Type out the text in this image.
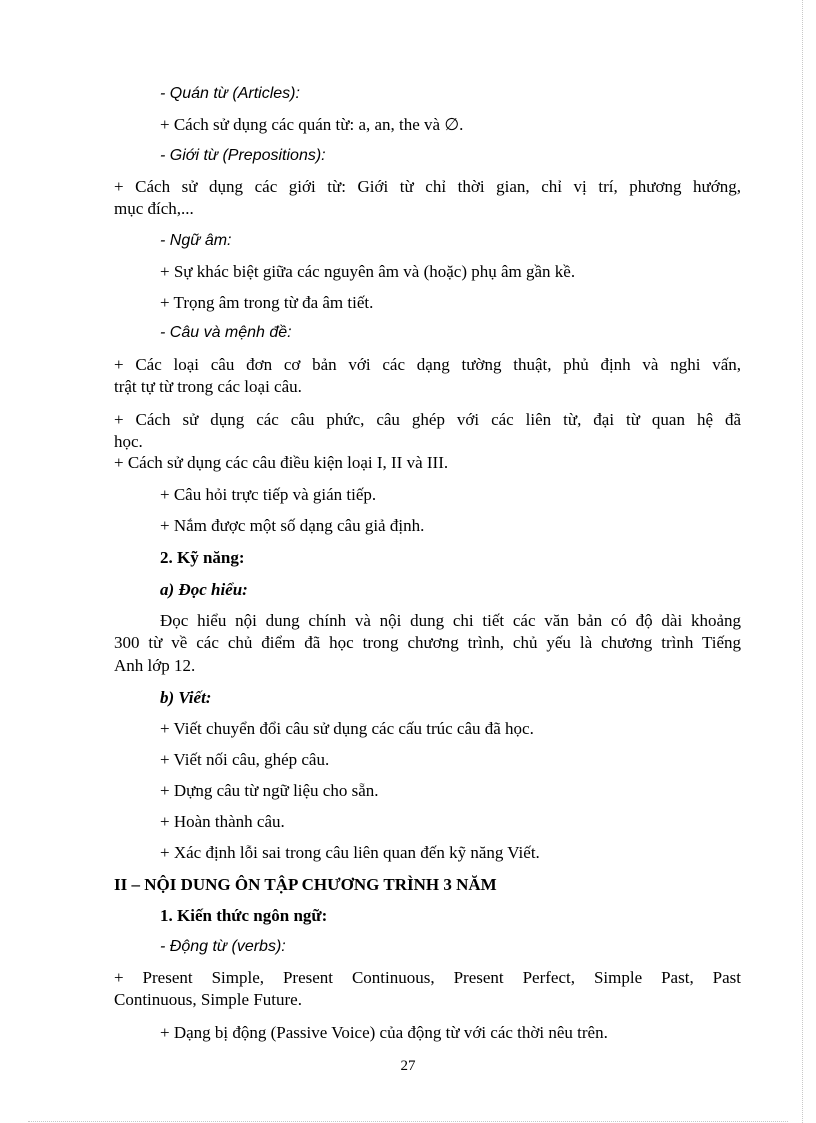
- Quán từ (Articles):
+ Cách sử dụng các quán từ: a, an, the và ∅.
- Giới từ (Prepositions):
+ Cách sử dụng các giới từ: Giới từ chỉ thời gian, chỉ vị trí, phương hướng,
mục đích,...
- Ngữ âm:
+ Sự khác biệt giữa các nguyên âm và (hoặc) phụ âm gần kề.
+ Trọng âm trong từ đa âm tiết.
- Câu và mệnh đề:
+ Các loại câu đơn cơ bản với các dạng tường thuật, phủ định và nghi vấn,
trật tự từ trong các loại câu.
+ Cách sử dụng các câu phức, câu ghép với các liên từ, đại từ quan hệ đã
học.
+ Cách sử dụng các câu điều kiện loại I, II và III.
+ Câu hỏi trực tiếp và gián tiếp.
+ Nắm được một số dạng câu giả định.
2. Kỹ năng:
a) Đọc hiểu:
Đọc hiểu nội dung chính và nội dung chi tiết các văn bản có độ dài khoảng
300 từ về các chủ điểm đã học trong chương trình, chủ yếu là chương trình Tiếng
Anh lớp 12.
b) Viết:
+ Viết chuyển đổi câu sử dụng các cấu trúc câu đã học.
+ Viết nối câu, ghép câu.
+ Dựng câu từ ngữ liệu cho sẵn.
+ Hoàn thành câu.
+ Xác định lỗi sai trong câu liên quan đến kỹ năng Viết.
II – NỘI DUNG ÔN TẬP CHƯƠNG TRÌNH 3 NĂM
1. Kiến thức ngôn ngữ:
- Động từ (verbs):
+ Present Simple, Present Continuous, Present Perfect, Simple Past, Past
Continuous, Simple Future.
+ Dạng bị động (Passive Voice) của động từ với các thời nêu trên.
27
